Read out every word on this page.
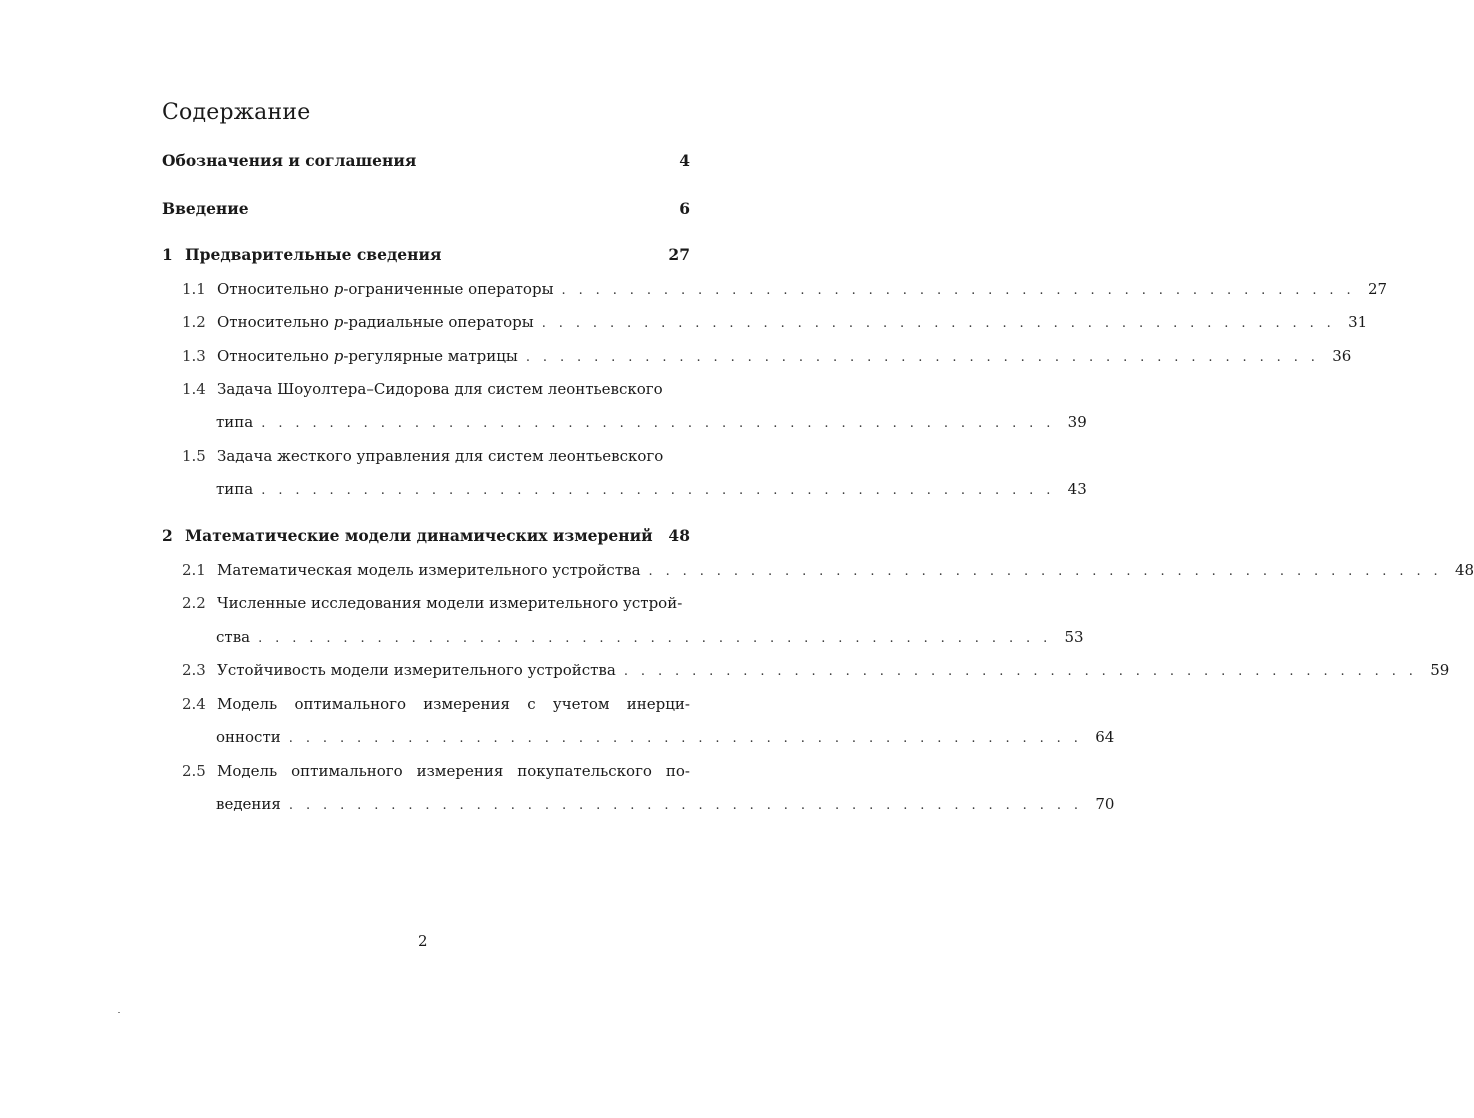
Содержание
Обозначения и соглашения	4
Введение	6
1 Предварительные сведения	27
1.1 Относительно p-ограниченные операторы . . . . . . . . . . . . . . . . . . . . . . . . . . . . . . . . . . . . . . . . . . . . . . . 27
1.2 Относительно p-радиальные операторы . . . . . . . . . . . . . . . . . . . . . . . . . . . . . . . . . . . . . . . . . . . . . . . 31
1.3 Относительно p-регулярные матрицы . . . . . . . . . . . . . . . . . . . . . . . . . . . . . . . . . . . . . . . . . . . . . . . 36
1.4 Задача Шоуолтера–Сидорова для систем леонтьевского
типа . . . . . . . . . . . . . . . . . . . . . . . . . . . . . . . . . . . . . . . . . . . . . . . 39
1.5 Задача жесткого управления для систем леонтьевского
типа . . . . . . . . . . . . . . . . . . . . . . . . . . . . . . . . . . . . . . . . . . . . . . . 43
2 Математические модели динамических измерений 48
2.1 Математическая модель измерительного устройства . . . . . . . . . . . . . . . . . . . . . . . . . . . . . . . . . . . . . . . . . . . . . . . 48
2.2 Численные исследования модели измерительного устрой-
ства . . . . . . . . . . . . . . . . . . . . . . . . . . . . . . . . . . . . . . . . . . . . . . . 53
2.3 Устойчивость модели измерительного устройства . . . . . . . . . . . . . . . . . . . . . . . . . . . . . . . . . . . . . . . . . . . . . . . 59
2.4 Модель оптимального измерения с учетом инерци-
онности . . . . . . . . . . . . . . . . . . . . . . . . . . . . . . . . . . . . . . . . . . . . . . . 64
2.5 Модель оптимального измерения покупательского по-
ведения . . . . . . . . . . . . . . . . . . . . . . . . . . . . . . . . . . . . . . . . . . . . . . . 70
2
